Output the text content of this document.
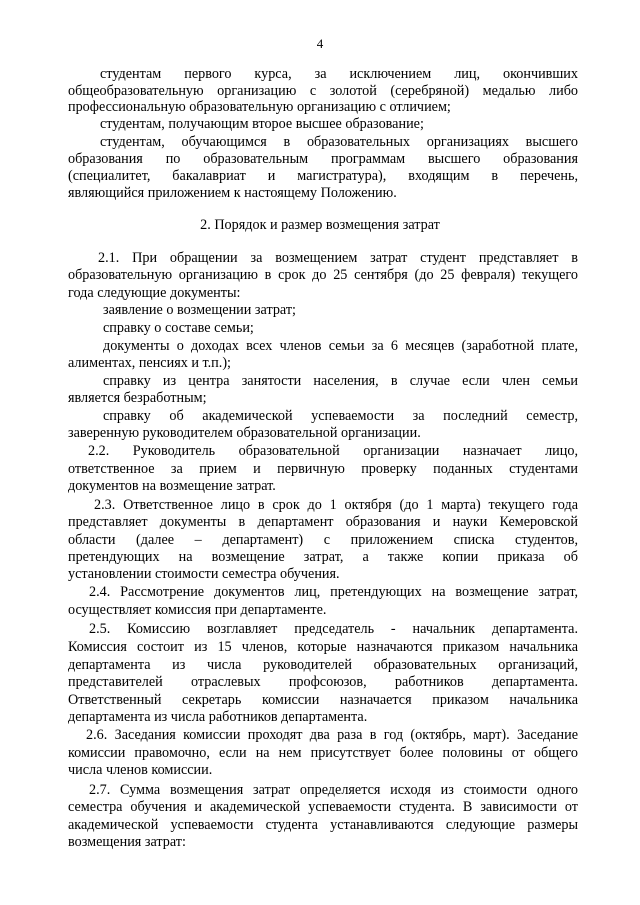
4
студентам первого курса, за исключением лиц, окончивших
общеобразовательную организацию с золотой (серебряной) медалью либо
профессиональную образовательную организацию с отличием;
студентам, получающим второе высшее образование;
студентам, обучающимся в образовательных организациях высшего
образования по образовательным программам высшего образования
(специалитет, бакалавриат и магистратура), входящим в перечень,
являющийся приложением к настоящему Положению.
2. Порядок и размер возмещения затрат
2.1. При обращении за возмещением затрат студент представляет в
образовательную организацию в срок до 25 сентября (до 25 февраля) текущего
года следующие документы:
заявление о возмещении затрат;
справку о составе семьи;
документы о доходах всех членов семьи за 6 месяцев (заработной плате,
алиментах, пенсиях и т.п.);
справку из центра занятости населения, в случае если член семьи
является безработным;
справку об академической успеваемости за последний семестр,
заверенную руководителем образовательной организации.
2.2. Руководитель образовательной организации назначает лицо,
ответственное за прием и первичную проверку поданных студентами
документов на возмещение затрат.
2.3. Ответственное лицо в срок до 1 октября (до 1 марта) текущего года
представляет документы в департамент образования и науки Кемеровской
области (далее – департамент) с приложением списка студентов,
претендующих на возмещение затрат, а также копии приказа об
установлении стоимости семестра обучения.
2.4. Рассмотрение документов лиц, претендующих на возмещение затрат,
осуществляет комиссия при департаменте.
2.5. Комиссию возглавляет председатель - начальник департамента.
Комиссия состоит из 15 членов, которые назначаются приказом начальника
департамента из числа руководителей образовательных организаций,
представителей отраслевых профсоюзов, работников департамента.
Ответственный секретарь комиссии назначается приказом начальника
департамента из числа работников департамента.
2.6. Заседания комиссии проходят два раза в год (октябрь, март). Заседание
комиссии правомочно, если на нем присутствует более половины от общего
числа членов комиссии.
2.7. Сумма возмещения затрат определяется исходя из стоимости одного
семестра обучения и академической успеваемости студента. В зависимости от
академической успеваемости студента устанавливаются следующие размеры
возмещения затрат:
